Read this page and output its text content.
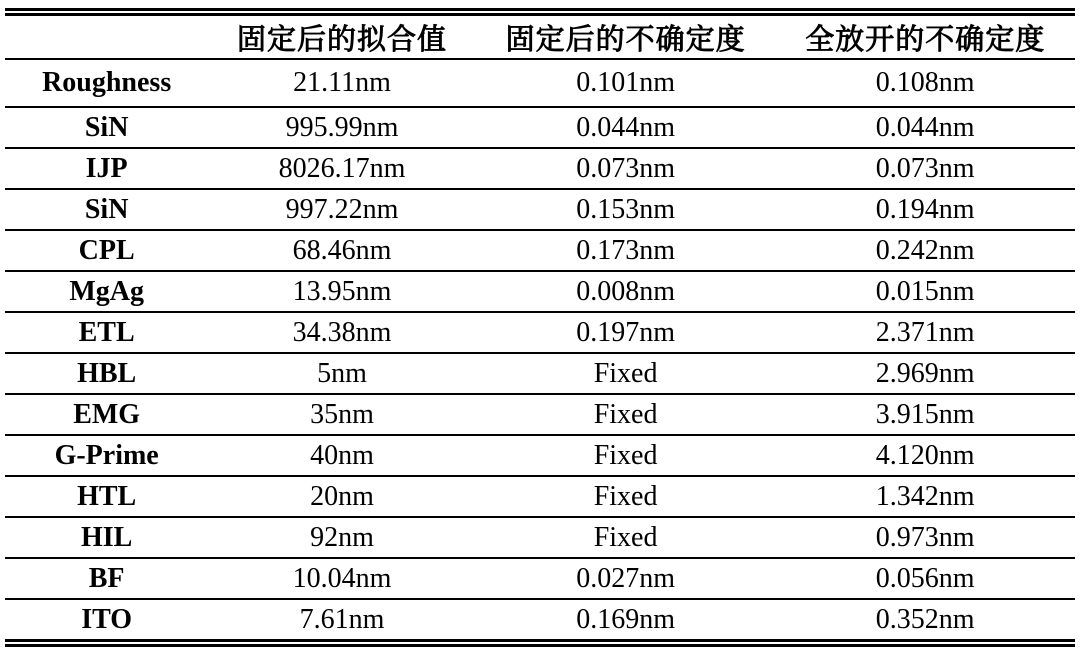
	固定后的拟合值	固定后的不确定度	全放开的不确定度
Roughness	21.11nm	0.101nm	0.108nm
SiN	995.99nm	0.044nm	0.044nm
IJP	8026.17nm	0.073nm	0.073nm
SiN	997.22nm	0.153nm	0.194nm
CPL	68.46nm	0.173nm	0.242nm
MgAg	13.95nm	0.008nm	0.015nm
ETL	34.38nm	0.197nm	2.371nm
HBL	5nm	Fixed	2.969nm
EMG	35nm	Fixed	3.915nm
G-Prime	40nm	Fixed	4.120nm
HTL	20nm	Fixed	1.342nm
HIL	92nm	Fixed	0.973nm
BF	10.04nm	0.027nm	0.056nm
ITO	7.61nm	0.169nm	0.352nm
